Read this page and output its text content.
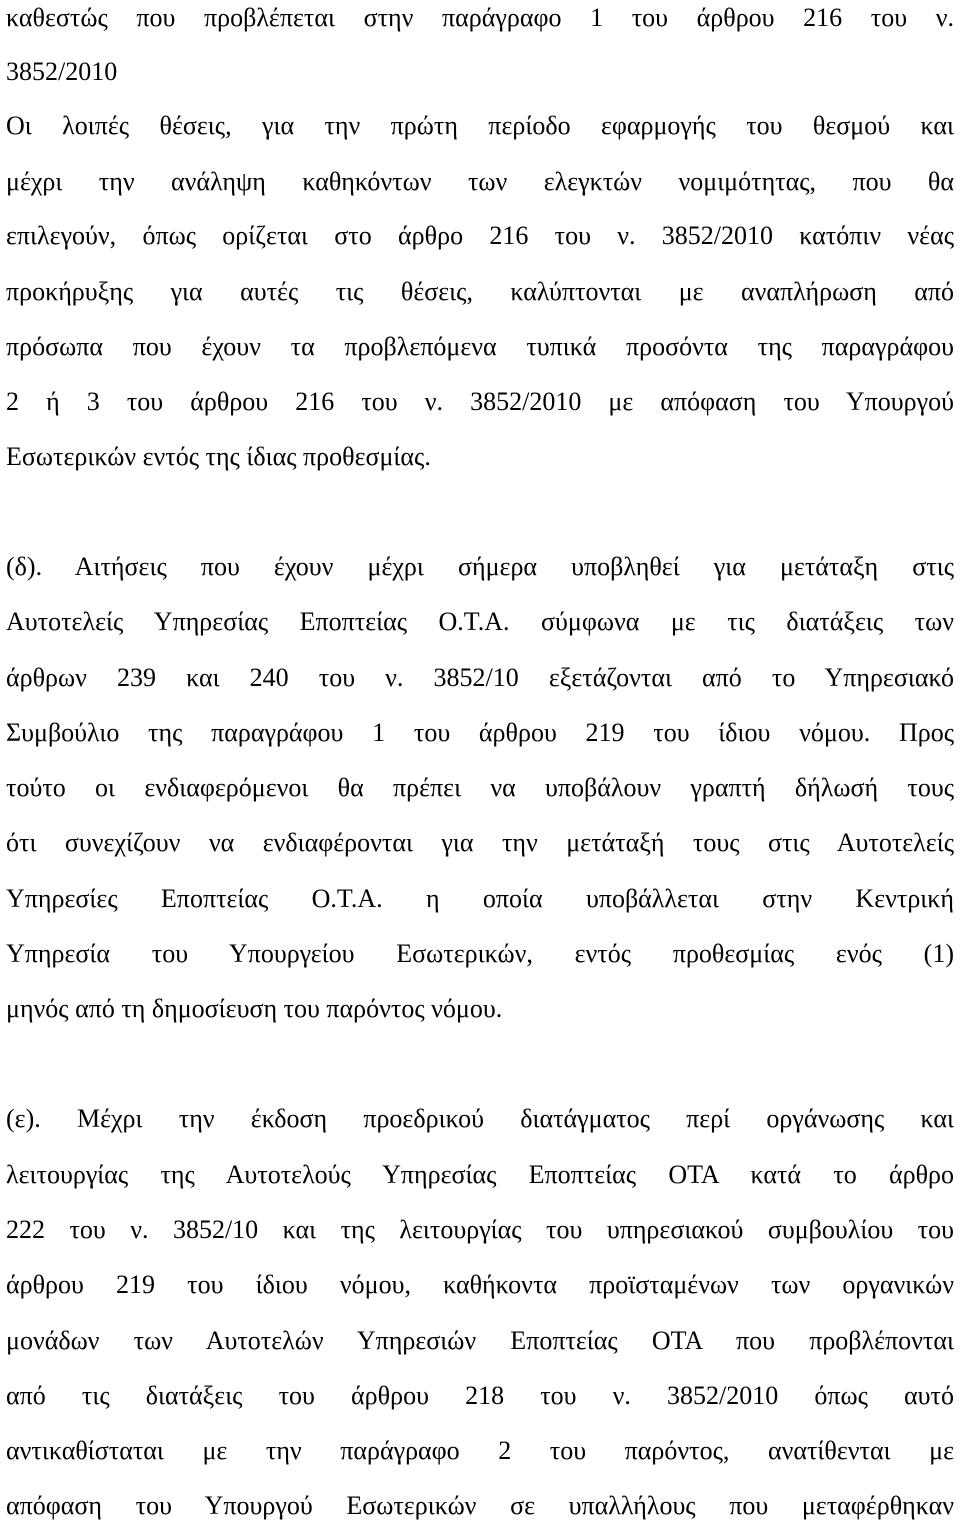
καθεστώς που προβλέπεται στην παράγραφο 1 του άρθρου 216 του ν.
3852/2010
Οι λοιπές θέσεις, για την πρώτη περίοδο εφαρμογής του θεσμού και
μέχρι την ανάληψη καθηκόντων των ελεγκτών νομιμότητας, που θα
επιλεγούν, όπως ορίζεται στο άρθρο 216 του ν. 3852/2010 κατόπιν νέας
προκήρυξης για αυτές τις θέσεις, καλύπτονται με αναπλήρωση από
πρόσωπα που έχουν τα προβλεπόμενα τυπικά προσόντα της παραγράφου
2 ή 3 του άρθρου 216 του ν. 3852/2010 με απόφαση του Υπουργού
Εσωτερικών εντός της ίδιας προθεσμίας.
(δ). Αιτήσεις που έχουν μέχρι σήμερα υποβληθεί για μετάταξη στις
Αυτοτελείς Υπηρεσίας Εποπτείας Ο.Τ.Α. σύμφωνα με τις διατάξεις των
άρθρων 239 και 240 του ν. 3852/10 εξετάζονται από το Υπηρεσιακό
Συμβούλιο της παραγράφου 1 του άρθρου 219 του ίδιου νόμου. Προς
τούτο οι ενδιαφερόμενοι θα πρέπει να υποβάλουν γραπτή δήλωσή τους
ότι συνεχίζουν να ενδιαφέρονται για την μετάταξή τους στις Αυτοτελείς
Υπηρεσίες Εποπτείας Ο.Τ.Α. η οποία υποβάλλεται στην Κεντρική
Υπηρεσία του Υπουργείου Εσωτερικών, εντός προθεσμίας ενός (1)
μηνός από τη δημοσίευση του παρόντος νόμου.
(ε). Μέχρι την έκδοση προεδρικού διατάγματος περί οργάνωσης και
λειτουργίας της Αυτοτελούς Υπηρεσίας Εποπτείας ΟΤΑ κατά το άρθρο
222 του ν. 3852/10 και της λειτουργίας του υπηρεσιακού συμβουλίου του
άρθρου 219 του ίδιου νόμου, καθήκοντα προϊσταμένων των οργανικών
μονάδων των Αυτοτελών Υπηρεσιών Εποπτείας ΟΤΑ που προβλέπονται
από τις διατάξεις του άρθρου 218 του ν. 3852/2010 όπως αυτό
αντικαθίσταται με την παράγραφο 2 του παρόντος, ανατίθενται με
απόφαση του Υπουργού Εσωτερικών σε υπαλλήλους που μεταφέρθηκαν
